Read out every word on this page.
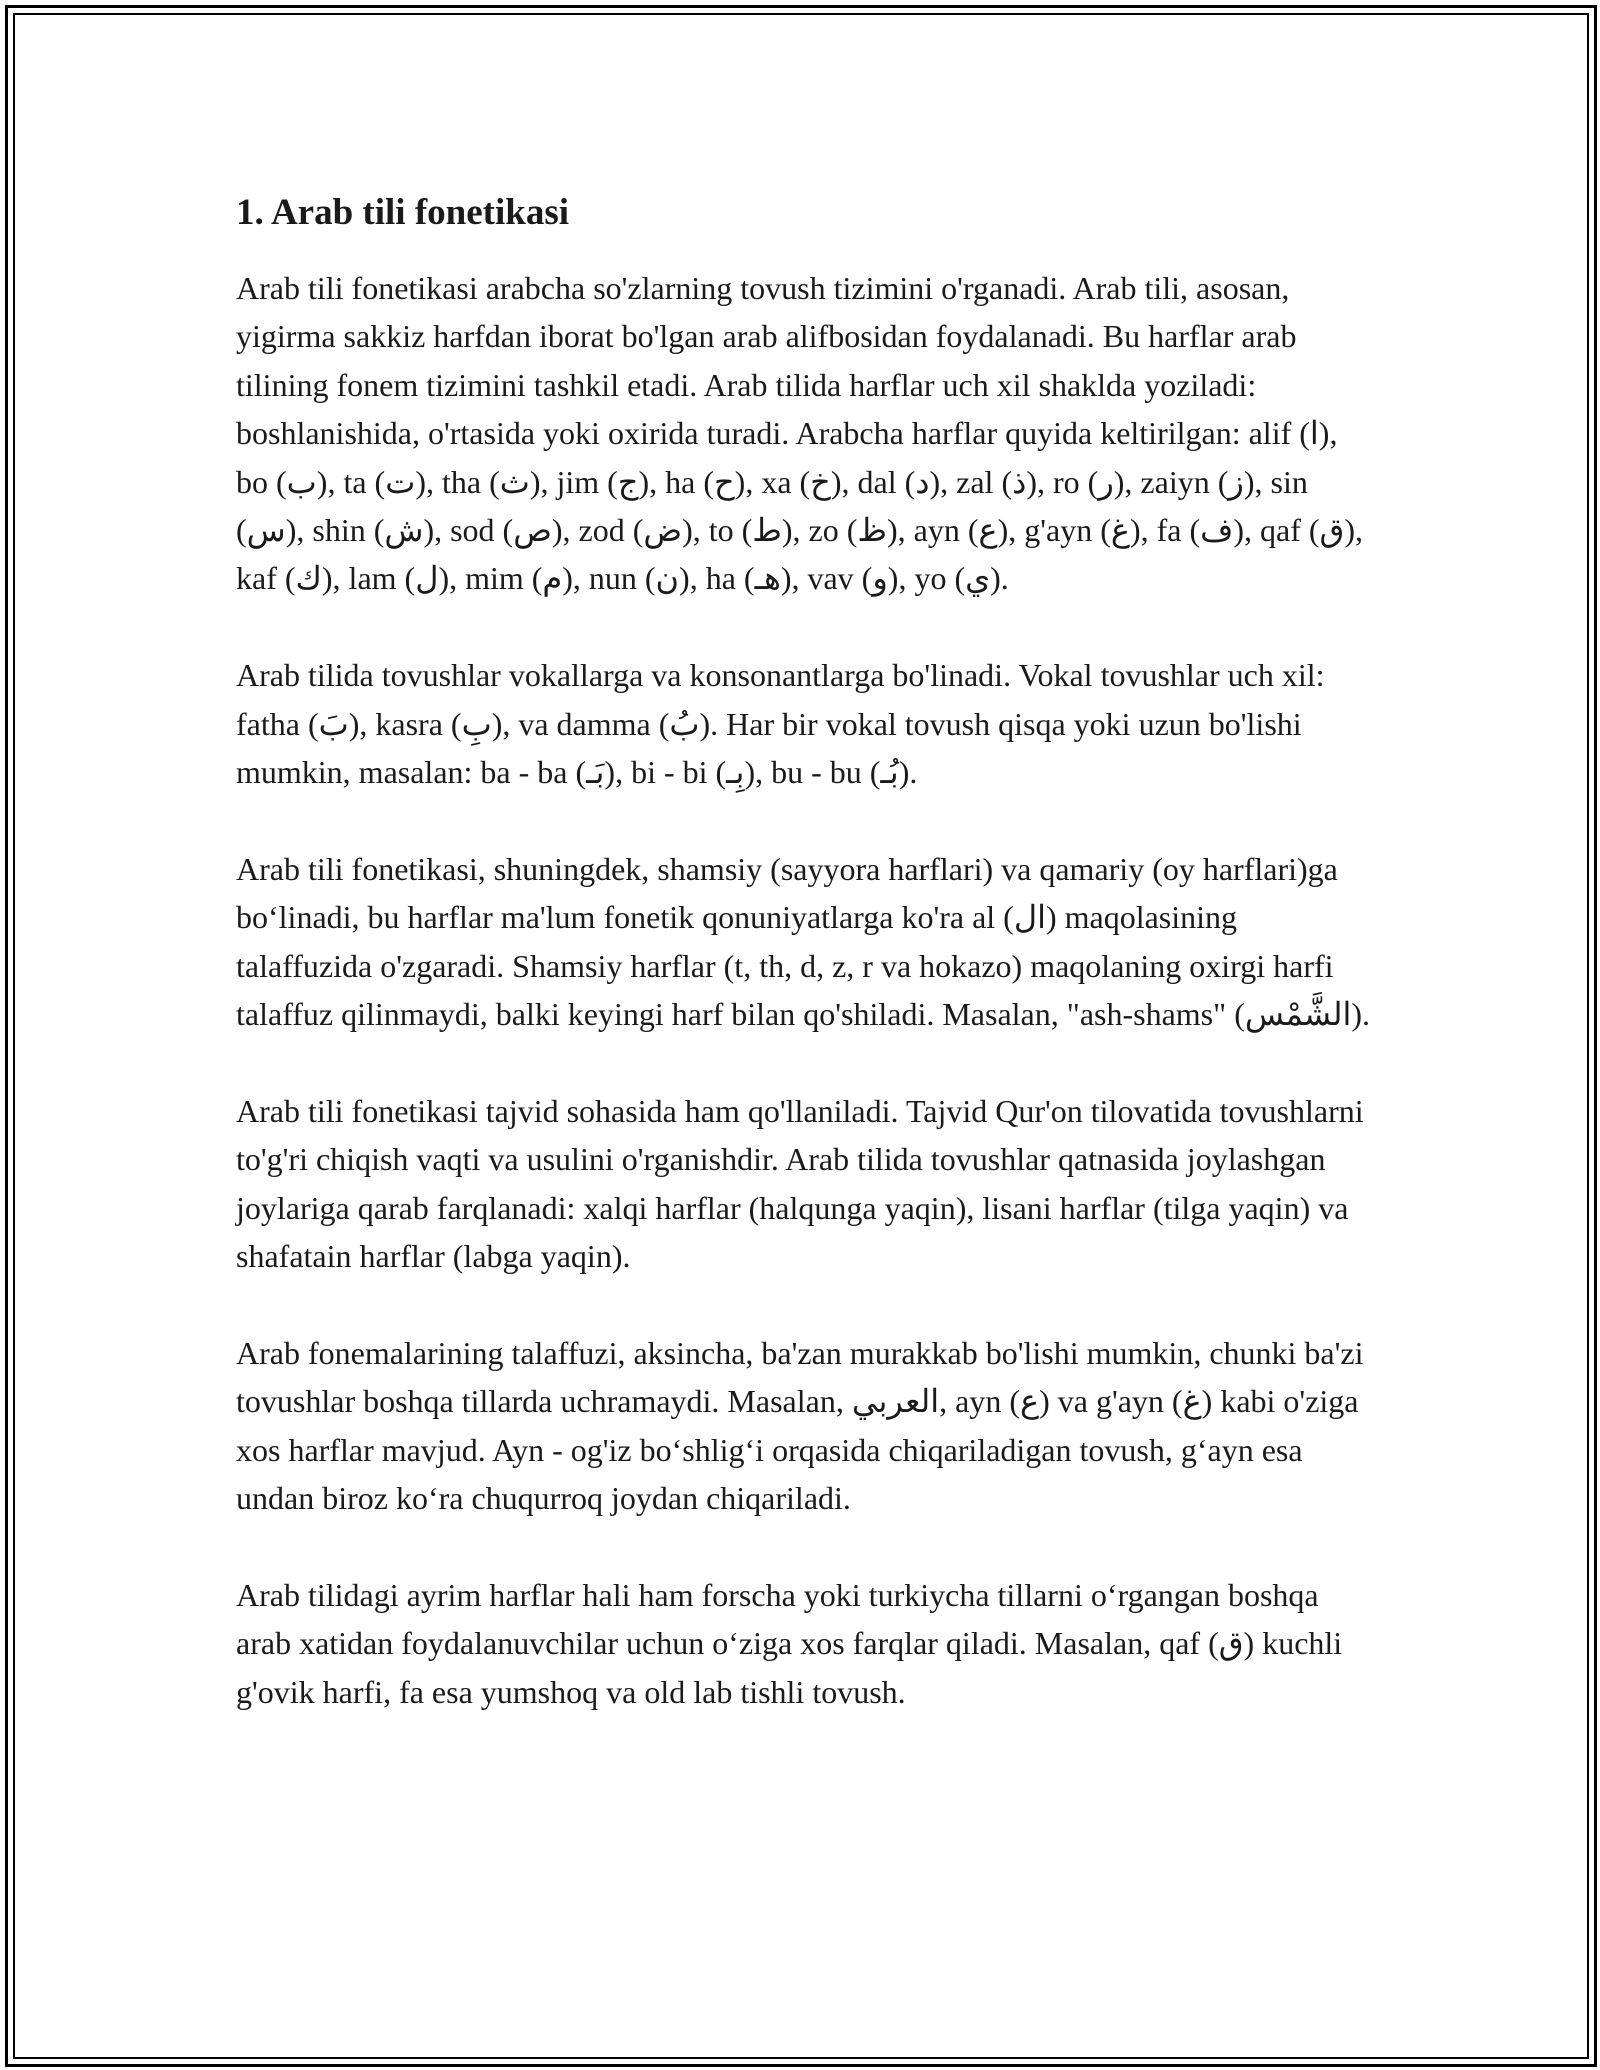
1. Arab tili fonetikasi

Arab tili fonetikasi arabcha so'zlarning tovush tizimini o'rganadi. Arab tili, asosan, yigirma sakkiz harfdan iborat bo'lgan arab alifbosidan foydalanadi. Bu harflar arab tilining fonem tizimini tashkil etadi. Arab tilida harflar uch xil shaklda yoziladi: boshlanishida, o'rtasida yoki oxirida turadi. Arabcha harflar quyida keltirilgan: alif (ا), bo (ب), ta (ت), tha (ث), jim (ج), ha (ح), xa (خ), dal (د), zal (ذ), ro (ر), zaiyn (ز), sin (س), shin (ش), sod (ص), zod (ض), to (ط), zo (ظ), ayn (ع), g'ayn (غ), fa (ف), qaf (ق), kaf (ك), lam (ل), mim (م), nun (ن), ha (هـ), vav (و), yo (ي).

Arab tilida tovushlar vokallarga va konsonantlarga bo'linadi. Vokal tovushlar uch xil: fatha (بَ), kasra (بِ), va damma (بُ). Har bir vokal tovush qisqa yoki uzun bo'lishi mumkin, masalan: ba - ba (بَـ), bi - bi (بِـ), bu - bu (بُـ).

Arab tili fonetikasi, shuningdek, shamsiy (sayyora harflari) va qamariy (oy harflari)ga bo‘linadi, bu harflar ma'lum fonetik qonuniyatlarga ko'ra al (ال) maqolasining talaffuzida o'zgaradi. Shamsiy harflar (t, th, d, z, r va hokazo) maqolaning oxirgi harfi talaffuz qilinmaydi, balki keyingi harf bilan qo'shiladi. Masalan, "ash-shams" (الشَّمْس).

Arab tili fonetikasi tajvid sohasida ham qo'llaniladi. Tajvid Qur'on tilovatida tovushlarni to'g'ri chiqish vaqti va usulini o'rganishdir. Arab tilida tovushlar qatnasida joylashgan joylariga qarab farqlanadi: xalqi harflar (halqunga yaqin), lisani harflar (tilga yaqin) va shafatain harflar (labga yaqin).

Arab fonemalarining talaffuzi, aksincha, ba'zan murakkab bo'lishi mumkin, chunki ba'zi tovushlar boshqa tillarda uchramaydi. Masalan, العربي, ayn (ع) va g'ayn (غ) kabi o'ziga xos harflar mavjud. Ayn - og'iz bo‘shlig‘i orqasida chiqariladigan tovush, g‘ayn esa undan biroz ko‘ra chuqurroq joydan chiqariladi.

Arab tilidagi ayrim harflar hali ham forscha yoki turkiycha tillarni o‘rgangan boshqa arab xatidan foydalanuvchilar uchun o‘ziga xos farqlar qiladi. Masalan, qaf (ق) kuchli g'ovik harfi, fa esa yumshoq va old lab tishli tovush.
